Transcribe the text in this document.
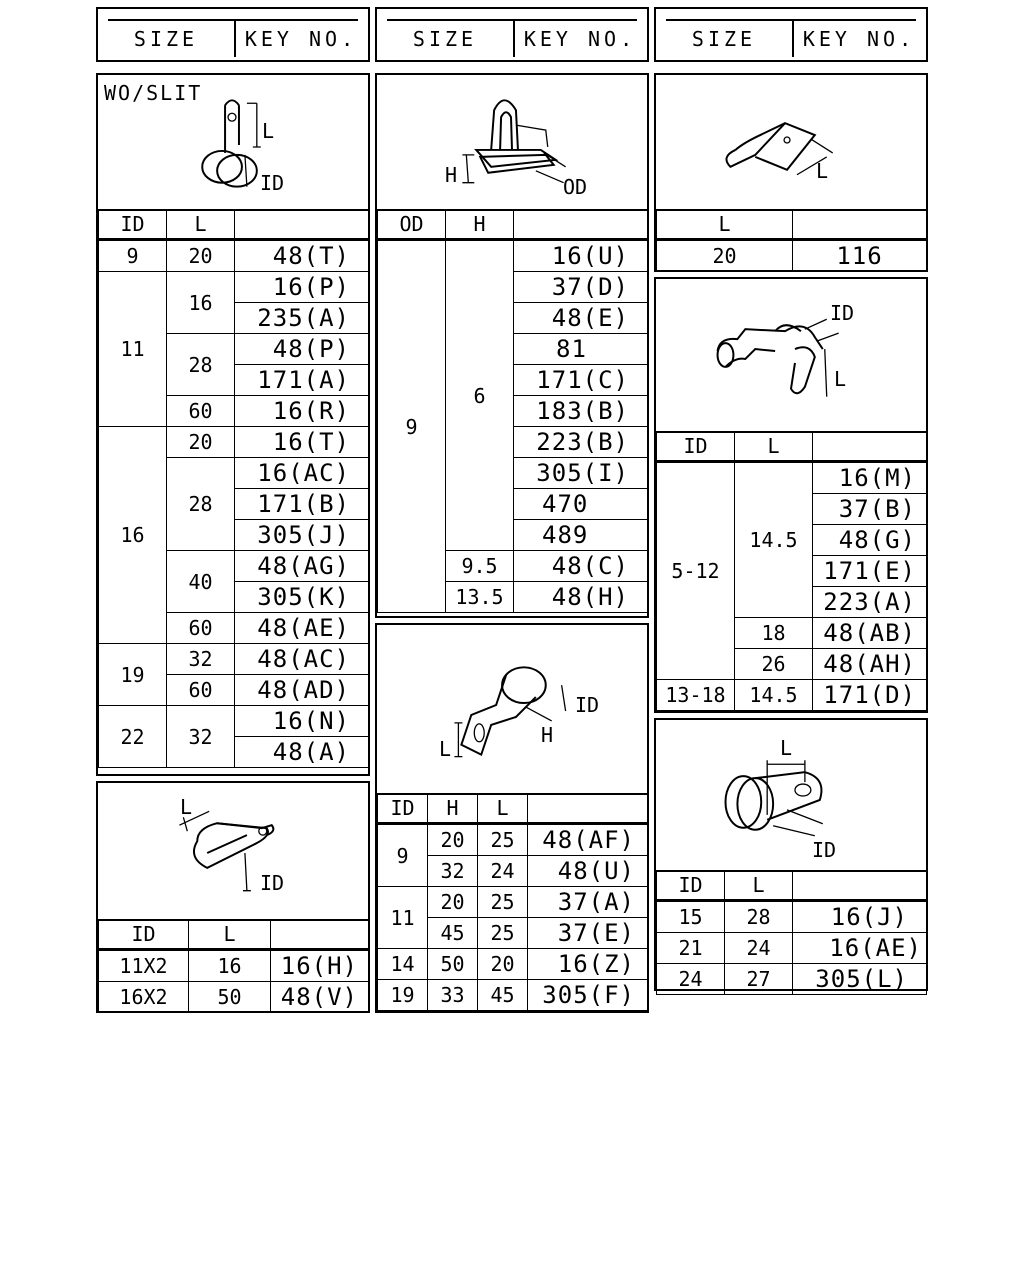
SIZE KEY NO.	SIZE KEY NO.	SIZE KEY NO.
WO/SLIT
L
ID
ID	L	
9	20	48(T)
11	16	16(P)
		235(A)
	28	48(P)
		171(A)
	60	16(R)
16	20	16(T)
	28	16(AC)
		171(B)
		305(J)
	40	48(AG)
		305(K)
	60	48(AE)
19	32	48(AC)
	60	48(AD)
22	32	16(N)
		48(A)
L
ID
ID	L	
11X2	16	16(H)
16X2	50	48(V)
H	OD
OD	H	
9	6	16(U)
		37(D)
		48(E)
		81
		171(C)
		183(B)
		223(B)
		305(I)
		470
		489
	9.5	48(C)
	13.5	48(H)
L
ID
H
ID	H	L	
9	20	25	48(AF)
	32	24	48(U)
11	20	25	37(A)
	45	25	37(E)
14	50	20	16(Z)
19	33	45	305(F)
L
L	
20	116
ID
L
ID	L	
5-12	14.5	16(M)
		37(B)
		48(G)
		171(E)
		223(A)
	18	48(AB)
	26	48(AH)
13-18	14.5	171(D)
L
ID
ID	L	
15	28	16(J)
21	24	16(AE)
24	27	305(L)
